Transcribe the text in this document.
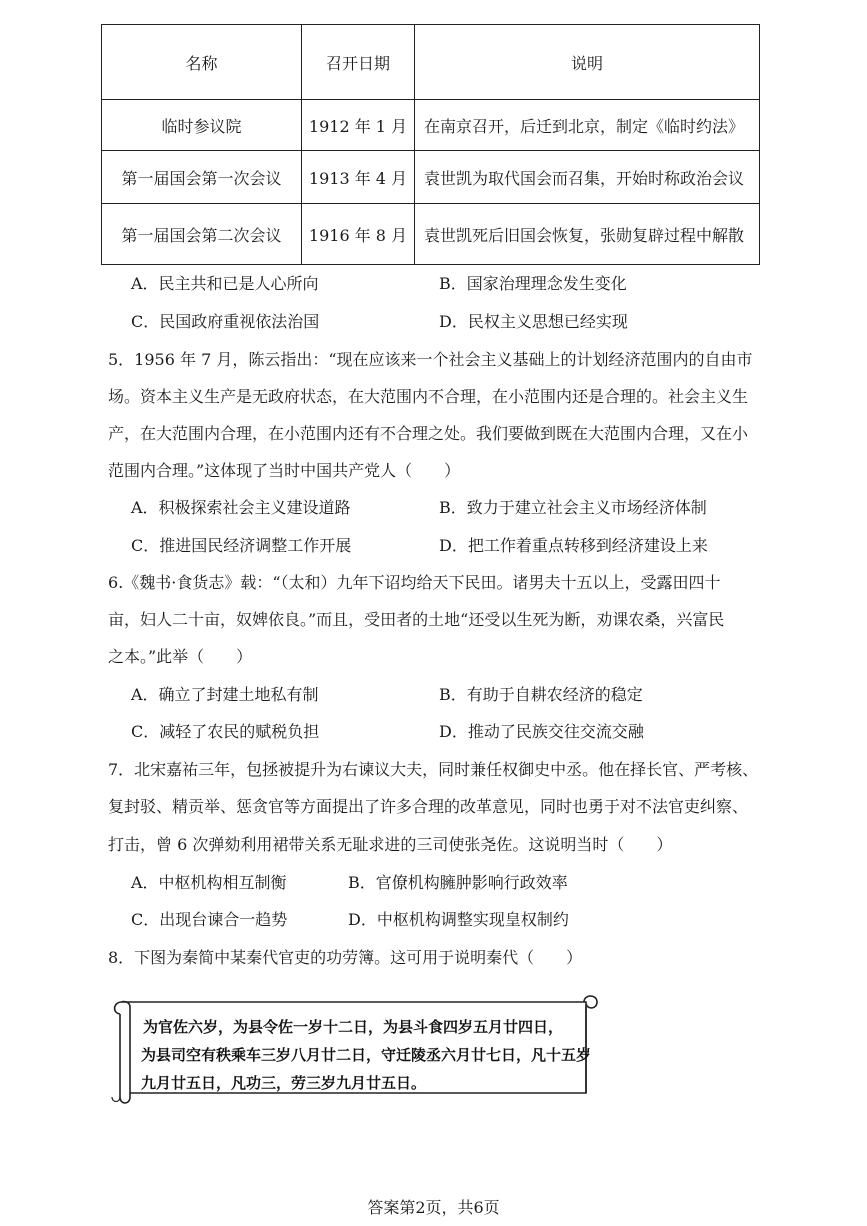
名称	召开日期	说明
临时参议院	1912 年 1 月	在南京召开，后迁到北京，制定《临时约法》
第一届国会第一次会议	1913 年 4 月	袁世凯为取代国会而召集，开始时称政治会议
第一届国会第二次会议	1916 年 8 月	袁世凯死后旧国会恢复，张勋复辟过程中解散
A．民主共和已是人心所向	B．国家治理理念发生变化
C．民国政府重视依法治国	D．民权主义思想已经实现
5．1956 年 7 月，陈云指出：“现在应该来一个社会主义基础上的计划经济范围内的自由市
场。资本主义生产是无政府状态，在大范围内不合理，在小范围内还是合理的。社会主义生
产，在大范围内合理，在小范围内还有不合理之处。我们要做到既在大范围内合理，又在小
范围内合理。”这体现了当时中国共产党人（　　）
A．积极探索社会主义建设道路	B．致力于建立社会主义市场经济体制
C．推进国民经济调整工作开展	D．把工作着重点转移到经济建设上来
6.《魏书·食货志》载：“（太和）九年下诏均给天下民田。诸男夫十五以上，受露田四十
亩，妇人二十亩，奴婢依良。”而且，受田者的土地“还受以生死为断，劝课农桑，兴富民
之本。”此举（　　）
A．确立了封建土地私有制	B．有助于自耕农经济的稳定
C．减轻了农民的赋税负担	D．推动了民族交往交流交融
7．北宋嘉祐三年，包拯被提升为右谏议大夫，同时兼任权御史中丞。他在择长官、严考核、
复封驳、精贡举、惩贪官等方面提出了许多合理的改革意见，同时也勇于对不法官吏纠察、
打击，曾 6 次弹劾利用裙带关系无耻求进的三司使张尧佐。这说明当时（　　）
A．中枢机构相互制衡	B．官僚机构臃肿影响行政效率
C．出现台谏合一趋势	D．中枢机构调整实现皇权制约
8．下图为秦简中某秦代官吏的功劳簿。这可用于说明秦代（　　）
为官佐六岁，为县令佐一岁十二日，为县斗食四岁五月廿四日，
为县司空有秩乘车三岁八月廿二日，守迁陵丞六月廿七日，凡十五岁
九月廿五日，凡功三，劳三岁九月廿五日。
答案第2页，共6页
